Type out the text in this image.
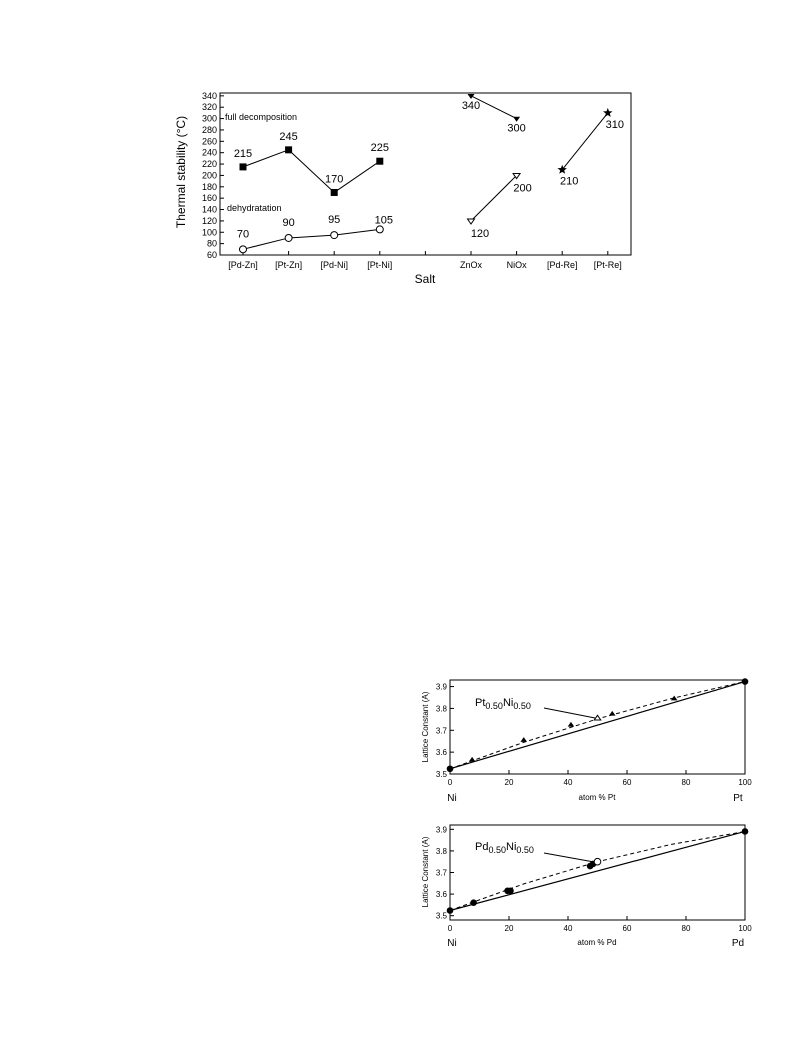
60
80
100
120
140
160
180
200
220
240
260
280
300
320
340
[Pd-Zn] [Pt-Zn] [Pd-Ni] [Pt-Ni]	ZnOx	NiOx [Pd-Re] [Pt-Re]
215
245
170
225
70
90	95	105
340
300
120
200
210
310
Thermal stability (°C)
Salt
full decomposition
dehydratation
0	20	40	60	80	100
3.5
3.6
3.7
3.8
3.9
Lattice Constant (A)
atom % Pt
Ni	Pt
$Pt_{0.50}Ni_{0.50}$
0	20	40	60	80	100
3.5
3.6
3.7
3.8
3.9
Lattice Constant (A)
atom % Pd
Ni	Pd
$Pd_{0.50}Ni_{0.50}$
